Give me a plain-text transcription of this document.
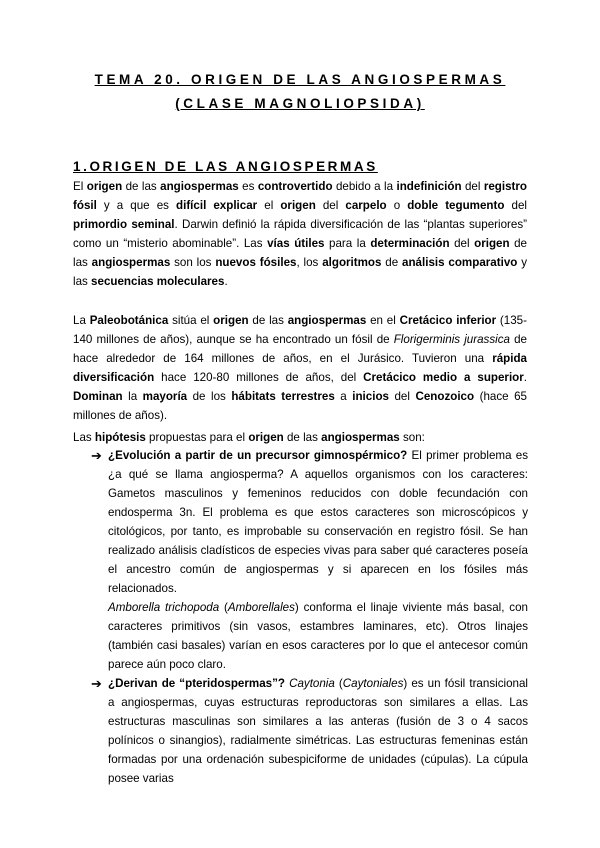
TEMA 20. ORIGEN DE LAS ANGIOSPERMAS
(CLASE MAGNOLIOPSIDA)
1.ORIGEN DE LAS ANGIOSPERMAS
El origen de las angiospermas es controvertido debido a la indefinición del registro fósil y a que es difícil explicar el origen del carpelo o doble tegumento del primordio seminal. Darwin definió la rápida diversificación de las “plantas superiores” como un “misterio abominable”. Las vías útiles para la determinación del origen de las angiospermas son los nuevos fósiles, los algoritmos de análisis comparativo y las secuencias moleculares.
La Paleobotánica sitúa el origen de las angiospermas en el Cretácico inferior (135-140 millones de años), aunque se ha encontrado un fósil de Florigerminis jurassica de hace alrededor de 164 millones de años, en el Jurásico. Tuvieron una rápida diversificación hace 120-80 millones de años, del Cretácico medio a superior. Dominan la mayoría de los hábitats terrestres a inicios del Cenozoico (hace 65 millones de años).
Las hipótesis propuestas para el origen de las angiospermas son:
➔ ¿Evolución a partir de un precursor gimnospérmico? El primer problema es ¿a qué se llama angiosperma? A aquellos organismos con los caracteres: Gametos masculinos y femeninos reducidos con doble fecundación con endosperma 3n. El problema es que estos caracteres son microscópicos y citológicos, por tanto, es improbable su conservación en registro fósil. Se han realizado análisis cladísticos de especies vivas para saber qué caracteres poseía el ancestro común de angiospermas y si aparecen en los fósiles más relacionados.
Amborella trichopoda (Amborellales) conforma el linaje viviente más basal, con caracteres primitivos (sin vasos, estambres laminares, etc). Otros linajes (también casi basales) varían en esos caracteres por lo que el antecesor común parece aún poco claro.
➔ ¿Derivan de “pteridospermas”? Caytonia (Caytoniales) es un fósil transicional a angiospermas, cuyas estructuras reproductoras son similares a ellas. Las estructuras masculinas son similares a las anteras (fusión de 3 o 4 sacos polínicos o sinangios), radialmente simétricas. Las estructuras femeninas están formadas por una ordenación subespiciforme de unidades (cúpulas). La cúpula posee varias
